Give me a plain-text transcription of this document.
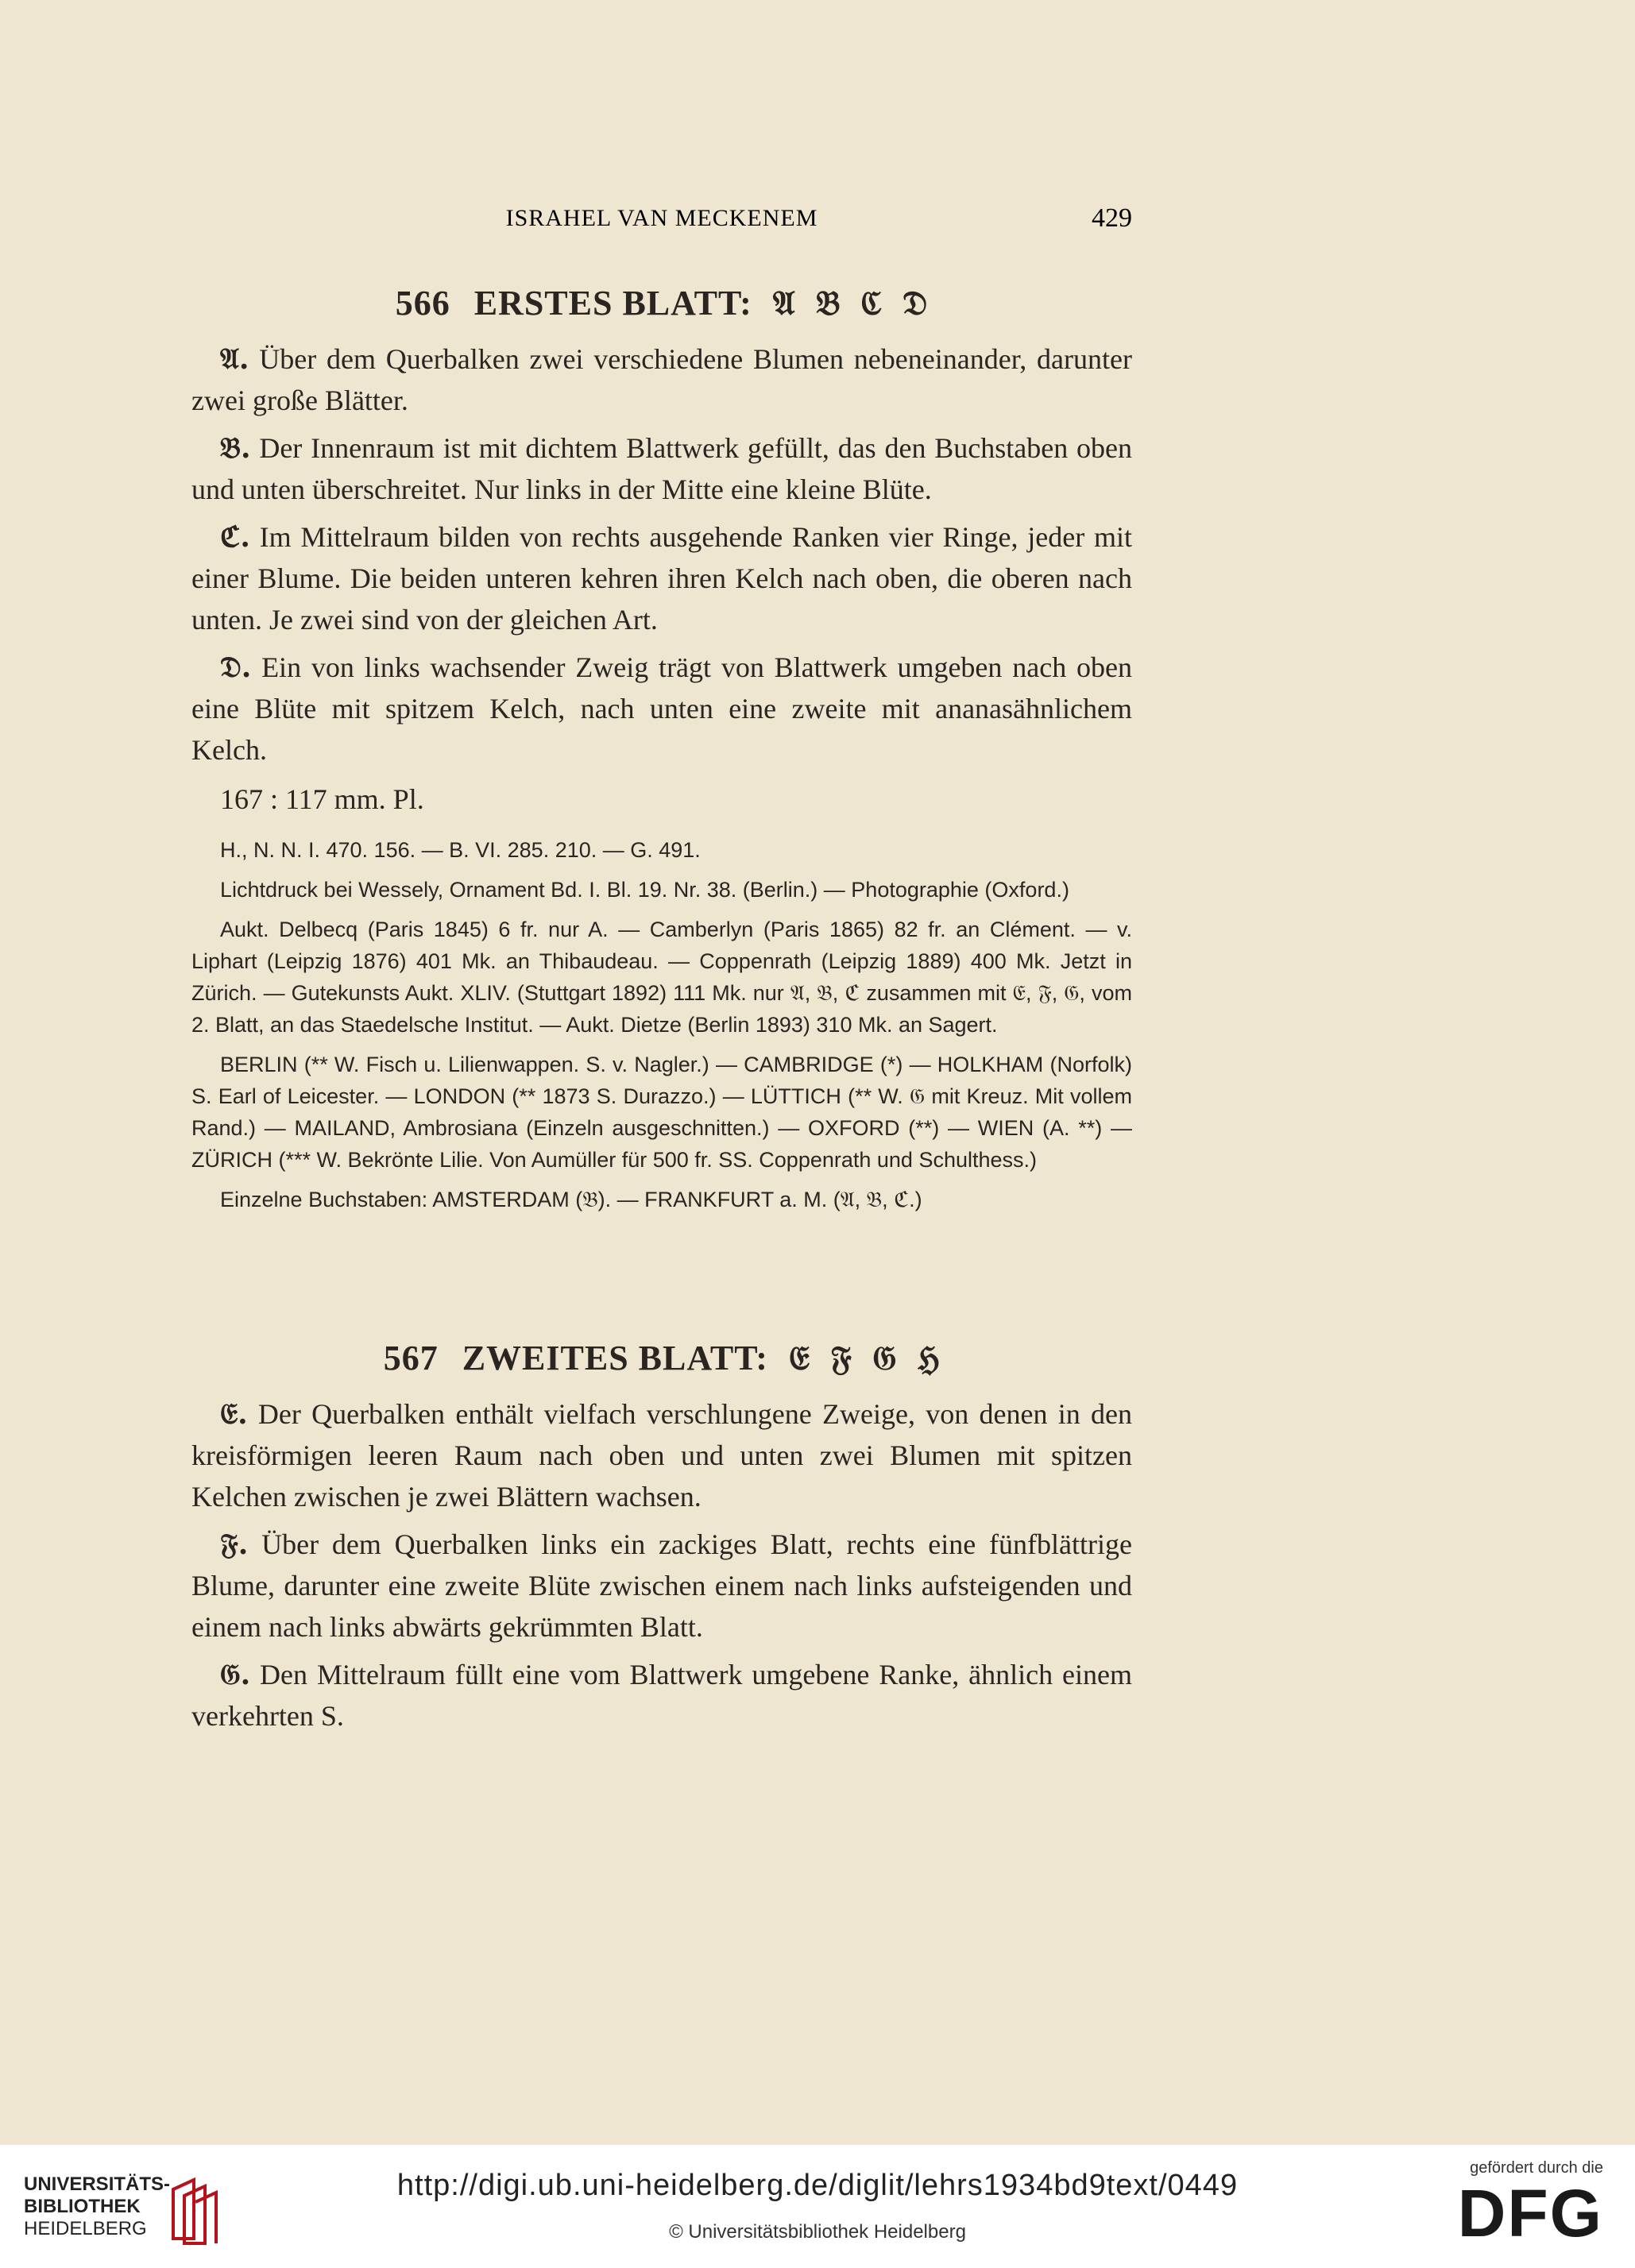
ISRAHEL VAN MECKENEM	429
566 ERSTES BLATT: 𝔄 𝔅 ℭ 𝔇

𝔄. Über dem Querbalken zwei verschiedene Blumen nebeneinander, darunter zwei große Blätter.

𝔅. Der Innenraum ist mit dichtem Blattwerk gefüllt, das den Buchstaben oben und unten überschreitet. Nur links in der Mitte eine kleine Blüte.

ℭ. Im Mittelraum bilden von rechts ausgehende Ranken vier Ringe, jeder mit einer Blume. Die beiden unteren kehren ihren Kelch nach oben, die oberen nach unten. Je zwei sind von der gleichen Art.

𝔇. Ein von links wachsender Zweig trägt von Blattwerk umgeben nach oben eine Blüte mit spitzem Kelch, nach unten eine zweite mit ananasähnlichem Kelch.

167 : 117 mm. Pl.

H., N. N. I. 470. 156. — B. VI. 285. 210. — G. 491.

Lichtdruck bei Wessely, Ornament Bd. I. Bl. 19. Nr. 38. (Berlin.) — Photographie (Oxford.)

Aukt. Delbecq (Paris 1845) 6 fr. nur A. — Camberlyn (Paris 1865) 82 fr. an Clément. — v. Liphart (Leipzig 1876) 401 Mk. an Thibaudeau. — Coppenrath (Leipzig 1889) 400 Mk. Jetzt in Zürich. — Gutekunsts Aukt. XLIV. (Stuttgart 1892) 111 Mk. nur 𝔄, 𝔅, ℭ zusammen mit 𝔈, 𝔉, 𝔊, vom 2. Blatt, an das Staedelsche Institut. — Aukt. Dietze (Berlin 1893) 310 Mk. an Sagert.

BERLIN (** W. Fisch u. Lilienwappen. S. v. Nagler.) — CAMBRIDGE (*) — HOLKHAM (Norfolk) S. Earl of Leicester. — LONDON (** 1873 S. Durazzo.) — LÜTTICH (** W. 𝔊 mit Kreuz. Mit vollem Rand.) — MAILAND, Ambrosiana (Einzeln ausgeschnitten.) — OXFORD (**) — WIEN (A. **) — ZÜRICH (*** W. Bekrönte Lilie. Von Aumüller für 500 fr. SS. Coppenrath und Schulthess.)

Einzelne Buchstaben: AMSTERDAM (𝔅). — FRANKFURT a. M. (𝔄, 𝔅, ℭ.)

567 ZWEITES BLATT: 𝔈 𝔉 𝔊 ℌ

𝔈. Der Querbalken enthält vielfach verschlungene Zweige, von denen in den kreisförmigen leeren Raum nach oben und unten zwei Blumen mit spitzen Kelchen zwischen je zwei Blättern wachsen.

𝔉. Über dem Querbalken links ein zackiges Blatt, rechts eine fünfblättrige Blume, darunter eine zweite Blüte zwischen einem nach links aufsteigenden und einem nach links abwärts gekrümmten Blatt.

𝔊. Den Mittelraum füllt eine vom Blattwerk umgebene Ranke, ähnlich einem verkehrten S.

UNIVERSITÄTS-
BIBLIOTHEK
HEIDELBERG
http://digi.ub.uni-heidelberg.de/diglit/lehrs1934bd9text/0449
© Universitätsbibliothek Heidelberg
gefördert durch die
DFG
